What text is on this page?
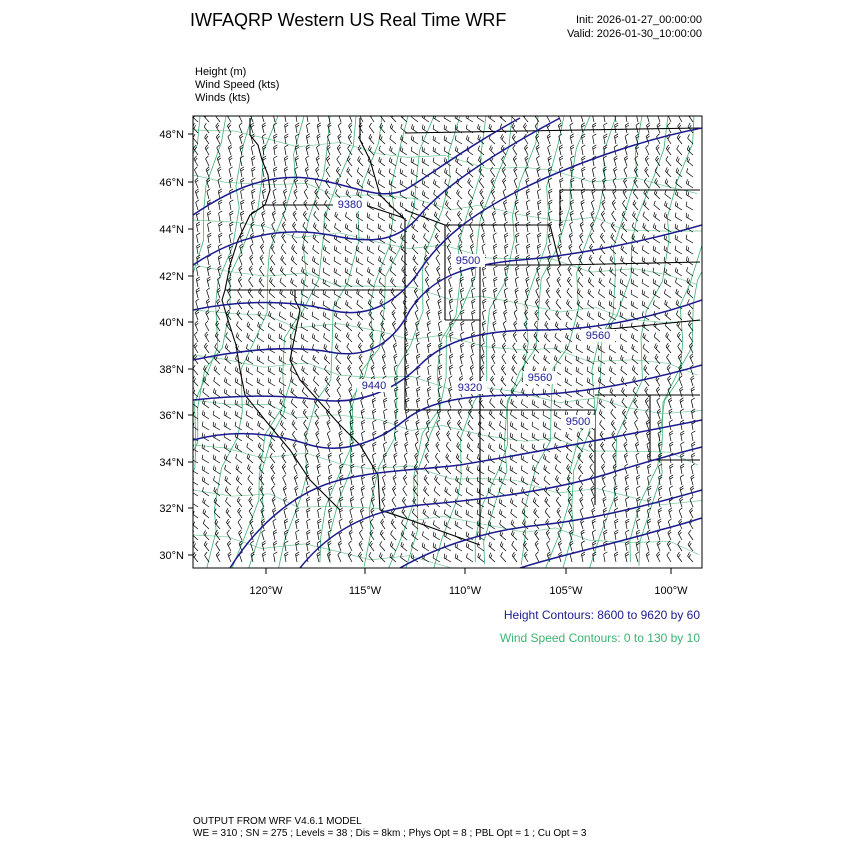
IWFAQRP Western US Real Time WRF	Init: 2026-01-27_00:00:00
Valid: 2026-01-30_10:00:00
Height (m)
Wind Speed (kts)
Winds (kts)
9380
9500
9440	9320
9560
9500
9560
48°N
46°N
44°N
42°N
40°N
38°N
36°N
34°N
32°N
30°N
120°W	115°W	110°W	105°W	100°W
Height Contours: 8600 to 9620 by 60
Wind Speed Contours: 0 to 130 by 10
OUTPUT FROM WRF V4.6.1 MODEL
WE = 310 ; SN = 275 ; Levels = 38 ; Dis = 8km ; Phys Opt = 8 ; PBL Opt = 1 ; Cu Opt = 3
